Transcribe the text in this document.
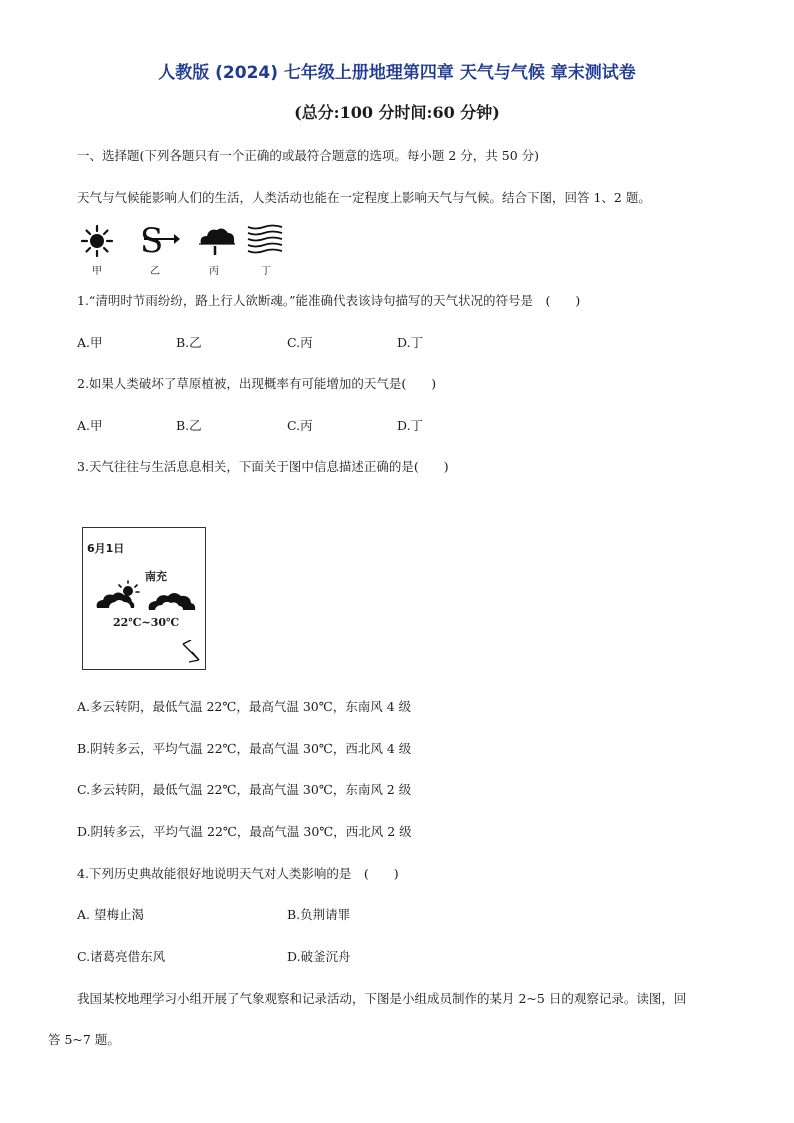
人教版 (2024) 七年级上册地理第四章 天气与气候 章末测试卷
(总分:100 分时间:60 分钟)
一、选择题(下列各题只有一个正确的或最符合题意的选项。每小题 2 分，共 50 分)
天气与气候能影响人们的生活，人类活动也能在一定程度上影响天气与气候。结合下图，回答 1、2 题。
S
甲	乙	丙	丁
1.“清明时节雨纷纷，路上行人欲断魂。”能准确代表该诗句描写的天气状况的符号是　(　　)
A.甲	B.乙	C.丙	D.丁
2.如果人类破坏了草原植被，出现概率有可能增加的天气是(　　)
A.甲	B.乙	C.丙	D.丁
3.天气往往与生活息息相关，下面关于图中信息描述正确的是(　　)
6月1日
南充
22℃~30℃
A.多云转阴，最低气温 22℃，最高气温 30℃，东南风 4 级
B.阴转多云，平均气温 22℃，最高气温 30℃，西北风 4 级
C.多云转阴，最低气温 22℃，最高气温 30℃，东南风 2 级
D.阴转多云，平均气温 22℃，最高气温 30℃，西北风 2 级
4.下列历史典故能很好地说明天气对人类影响的是　(　　)
A. 望梅止渴	B.负荆请罪
C.诸葛亮借东风	D.破釜沉舟
我国某校地理学习小组开展了气象观察和记录活动，下图是小组成员制作的某月 2~5 日的观察记录。读图，回
答 5~7 题。
